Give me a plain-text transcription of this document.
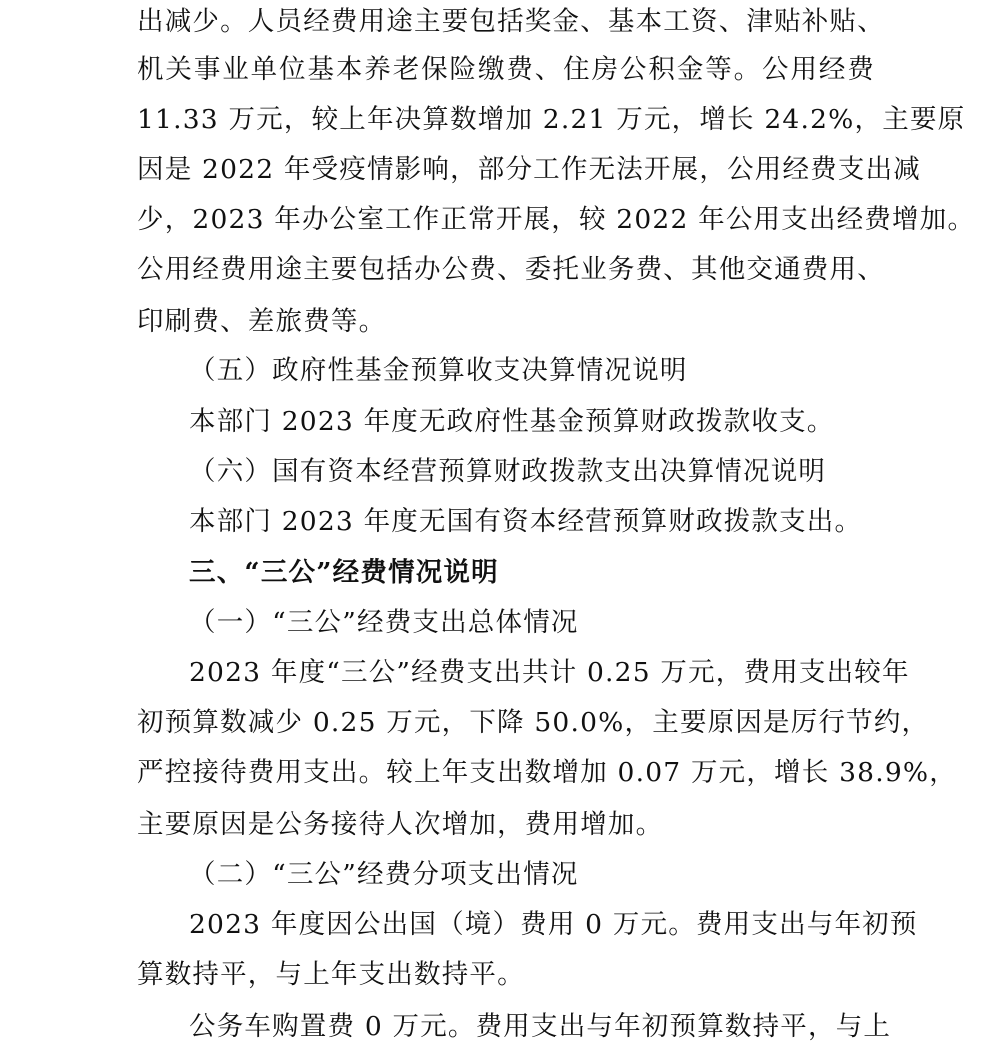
出减少。人员经费用途主要包括奖金、基本工资、津贴补贴、
机关事业单位基本养老保险缴费、住房公积金等。公用经费
11.33 万元，较上年决算数增加 2.21 万元，增长 24.2%，主要原
因是 2022 年受疫情影响，部分工作无法开展，公用经费支出减
少，2023 年办公室工作正常开展，较 2022 年公用支出经费增加。
公用经费用途主要包括办公费、委托业务费、其他交通费用、
印刷费、差旅费等。
（五）政府性基金预算收支决算情况说明
本部门 2023 年度无政府性基金预算财政拨款收支。
（六）国有资本经营预算财政拨款支出决算情况说明
本部门 2023 年度无国有资本经营预算财政拨款支出。
三、“三公”经费情况说明
（一）“三公”经费支出总体情况
2023 年度“三公”经费支出共计 0.25 万元，费用支出较年
初预算数减少 0.25 万元，下降 50.0%，主要原因是厉行节约，
严控接待费用支出。较上年支出数增加 0.07 万元，增长 38.9%，
主要原因是公务接待人次增加，费用增加。
（二）“三公”经费分项支出情况
2023 年度因公出国（境）费用 0 万元。费用支出与年初预
算数持平，与上年支出数持平。
公务车购置费 0 万元。费用支出与年初预算数持平，与上
